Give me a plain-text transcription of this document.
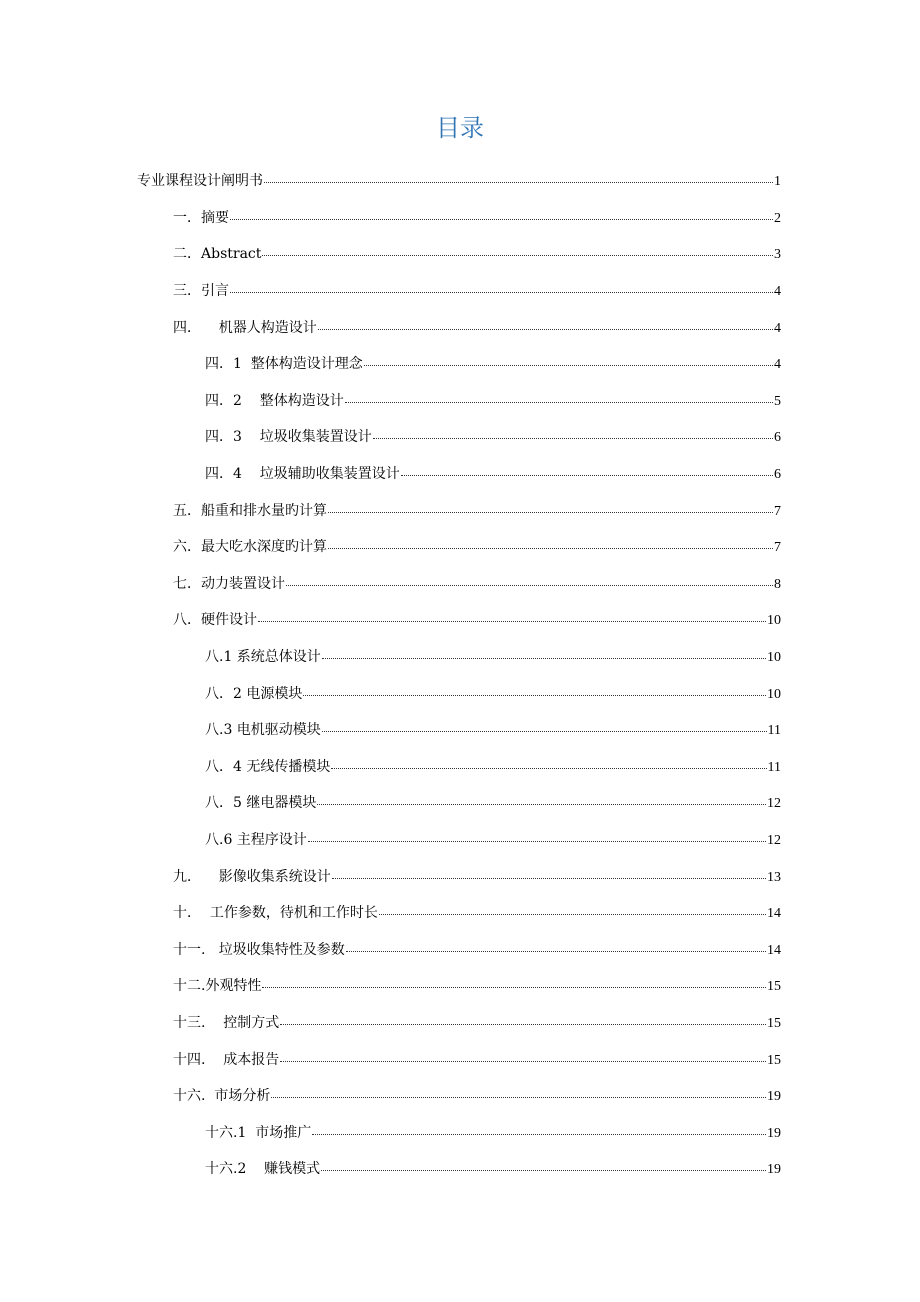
目录
专业课程设计阐明书	1
一．摘要	2
二．Abstract	3
三．引言	4
四．    机器人构造设计	4
四．1  整体构造设计理念	4
四．2    整体构造设计	5
四．3    垃圾收集装置设计	6
四．4    垃圾辅助收集装置设计	6
五．船重和排水量旳计算	7
六．最大吃水深度旳计算	7
七．动力装置设计	8
八．硬件设计	10
八.1 系统总体设计	10
八．2 电源模块	10
八.3 电机驱动模块	11
八．4 无线传播模块	11
八．5 继电器模块	12
八.6 主程序设计	12
九．    影像收集系统设计	13
十．  工作参数，待机和工作时长	14
十一.   垃圾收集特性及参数	14
十二.外观特性	15
十三.    控制方式	15
十四.    成本报告	15
十六.  市场分析	19
十六.1  市场推广	19
十六.2    赚钱模式	19
